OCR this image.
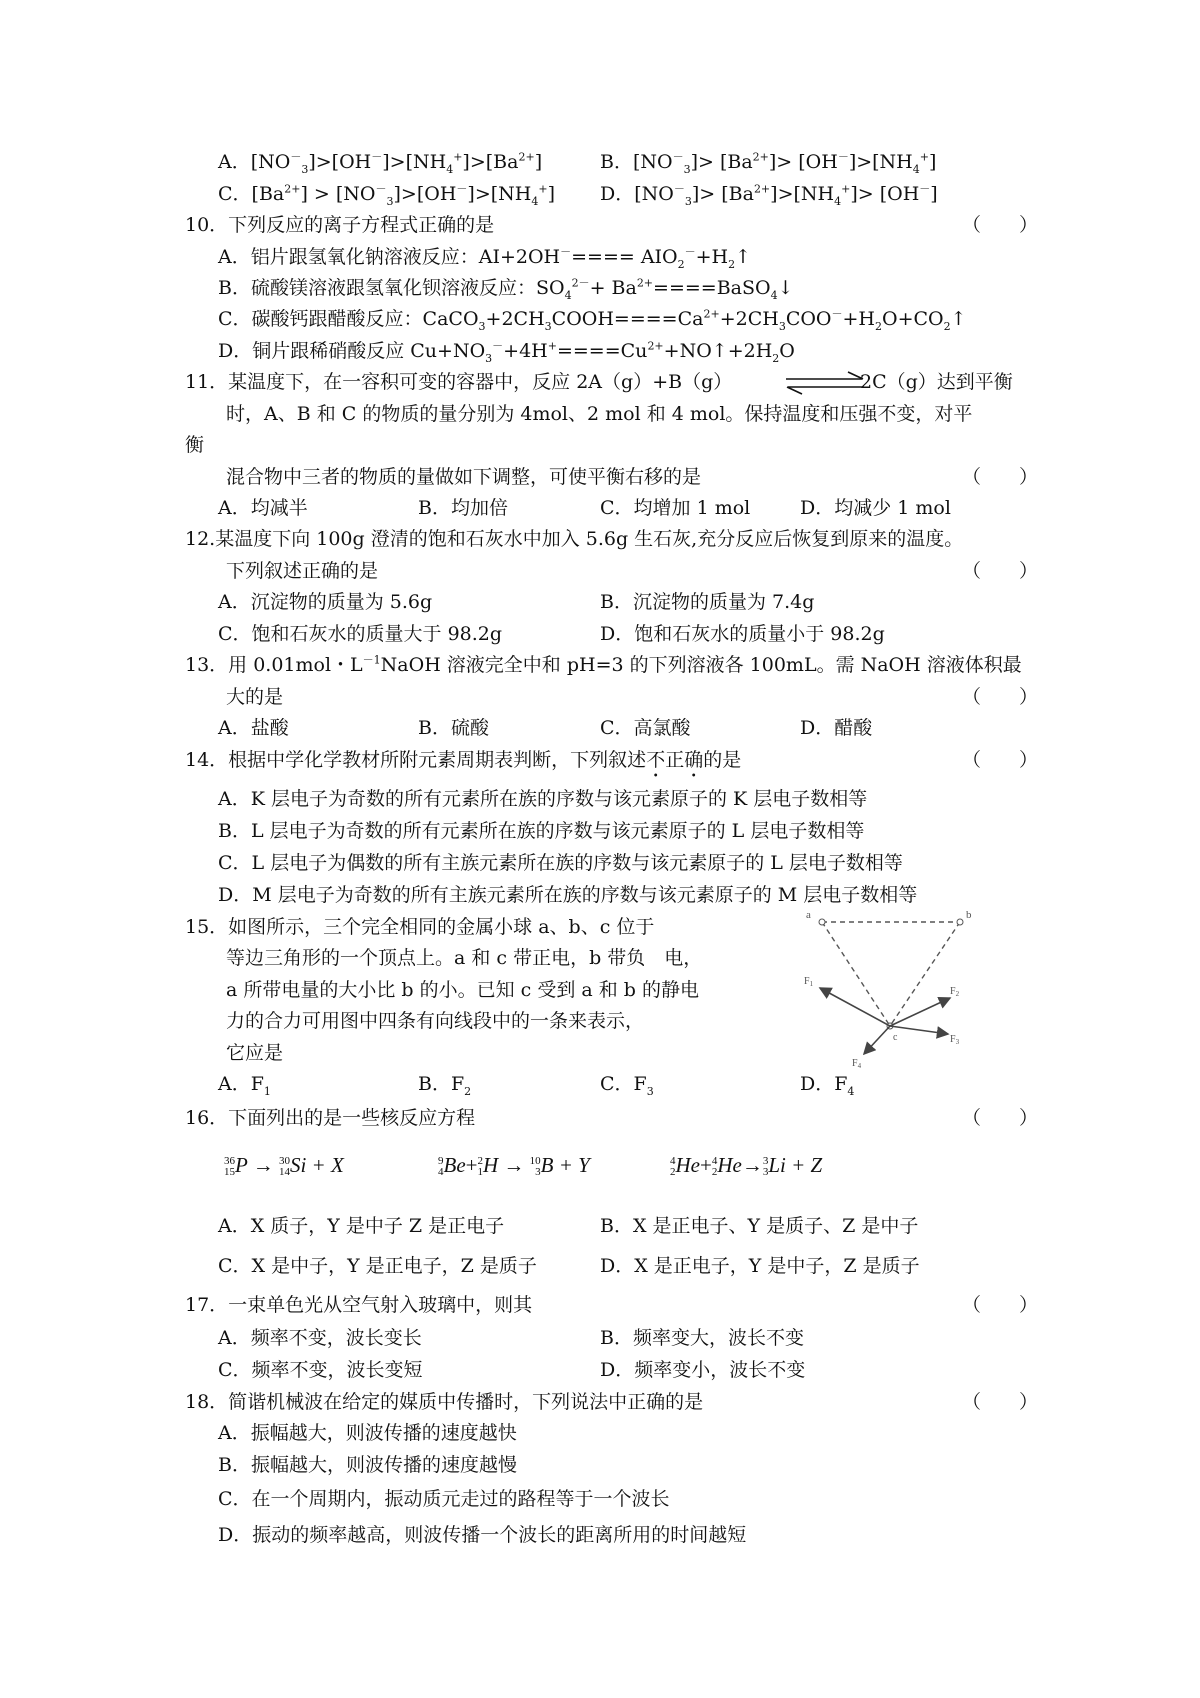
A．$[NO^-_3]>[OH^-]>[NH_4^+]>[Ba^{2+}]$	B．$[NO^-_3]> [Ba^{2+}]> [OH^-]>[NH_4^+]$
C．$[Ba^{2+}] > [NO^-_3]>[OH^-]>[NH_4^+]$ D．$[NO^-_3]> [Ba^{2+}]>[NH_4^+]> [OH^-]$
10．下列反应的离子方程式正确的是	（　　）
A．铝片跟氢氧化钠溶液反应：$AI+2OH^-==== AIO_2^-+H_2↑$
B．硫酸镁溶液跟氢氧化钡溶液反应：$SO_4^{2-}+$ $Ba^{2+}====BaSO_4↓$
C．碳酸钙跟醋酸反应：$CaCO_3+2CH_3COOH====Ca^{2+}+2CH_3COO^-+H_2O+CO_2↑$
D．铜片跟稀硝酸反应 $Cu+NO_3^-+4H^+====Cu^{2+}+NO↑+2H_2O$
11．某温度下，在一容积可变的容器中，反应 2A（g）+B（g）	2C（g）达到平衡
时，A、B 和 C 的物质的量分别为 4mol、2 mol 和 4 mol。保持温度和压强不变，对平
衡
混合物中三者的物质的量做如下调整，可使平衡右移的是	（　　）
A．均减半	B．均加倍	C．均增加 1 mol	D．均减少 1 mol
12.某温度下向 100g 澄清的饱和石灰水中加入 5.6g 生石灰,充分反应后恢复到原来的温度。
下列叙述正确的是	（　　）
A．沉淀物的质量为 5.6g	B．沉淀物的质量为 7.4g
C．饱和石灰水的质量大于 98.2g	D．饱和石灰水的质量小于 98.2g
13．用 0.01mol・$L^{-1}NaOH$ 溶液完全中和 pH=3 的下列溶液各 100mL。需 NaOH 溶液体积最
大的是	（　　）
A．盐酸	B．硫酸	C．高氯酸	D．醋酸
14．根据中学化学教材所附元素周期表判断，下列叙述不正确的是	（　　）
A．K 层电子为奇数的所有元素所在族的序数与该元素原子的 K 层电子数相等
B．L 层电子为奇数的所有元素所在族的序数与该元素原子的 L 层电子数相等
C．L 层电子为偶数的所有主族元素所在族的序数与该元素原子的 L 层电子数相等
D．M 层电子为奇数的所有主族元素所在族的序数与该元素原子的 M 层电子数相等
15．如图所示，三个完全相同的金属小球 a、b、c 位于
等边三角形的一个顶点上。a 和 c 带正电，b 带负　电，
a 所带电量的大小比 b 的小。已知 c 受到 a 和 b 的静电
力的合力可用图中四条有向线段中的一条来表示，
它应是
a	b
c
$F_1$
$F_2$
$F_3$
$F_4$
A．$F_1$	B．$F_2$	C．$F_3$	D．$F_4$
16．下面列出的是一些核反应方程	（　　）
36
15P → 30
14Si + X	9
4Be+2
1H → 10
3B + Y	4
2He+4
2He→3
3Li + Z
A．X 质子，Y 是中子 Z 是正电子	B．X 是正电子、Y 是质子、Z 是中子
C．X 是中子，Y 是正电子，Z 是质子	D．X 是正电子，Y 是中子，Z 是质子
17．一束单色光从空气射入玻璃中，则其	（　　）
A．频率不变，波长变长	B．频率变大，波长不变
C．频率不变，波长变短	D．频率变小，波长不变
18．简谐机械波在给定的媒质中传播时，下列说法中正确的是	（　　）
A．振幅越大，则波传播的速度越快
B．振幅越大，则波传播的速度越慢
C．在一个周期内，振动质元走过的路程等于一个波长
D．振动的频率越高，则波传播一个波长的距离所用的时间越短
